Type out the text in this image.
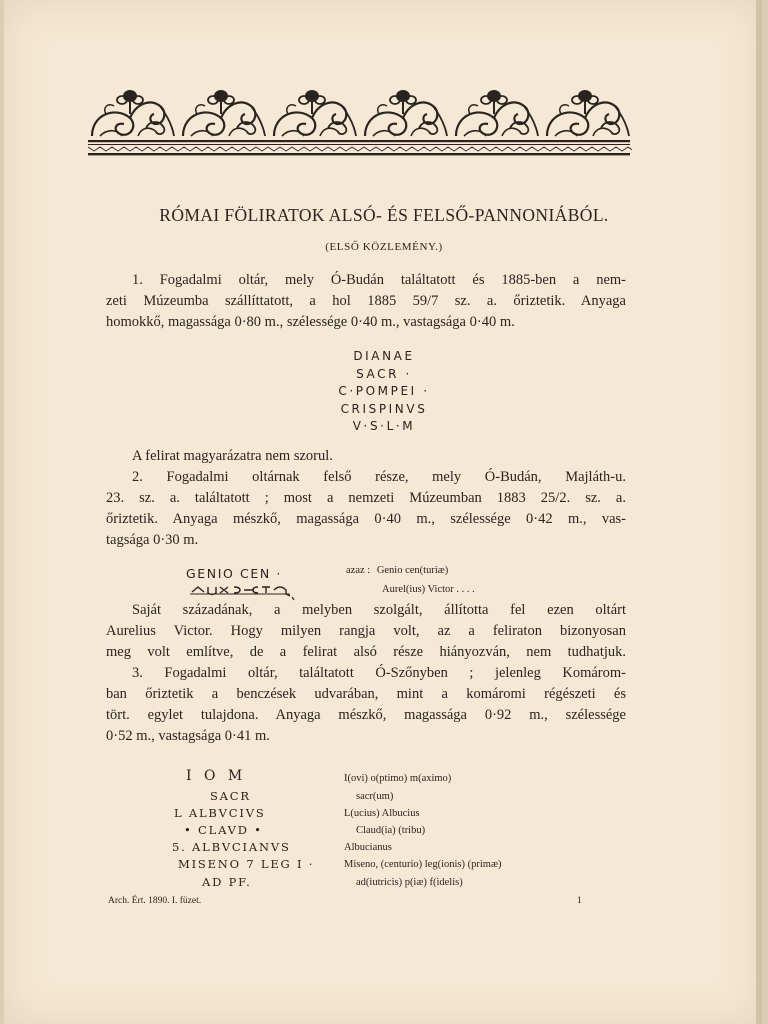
RÓMAI FÖLIRATOK ALSÓ- ÉS FELSŐ-PANNONIÁBÓL.
(ELSŐ KÖZLEMÉNY.)
1. Fogadalmi oltár, mely Ó-Budán találtatott és 1885-ben a nem-
zeti Múzeumba szállíttatott, a hol 1885 59/7 sz. a. őriztetik. Anyaga
homokkő, magassága 0·80 m., szélessége 0·40 m., vastagsága 0·40 m.
DIANAE
SACR ·
C·POMPEI ·
CRISPINVS
V·S·L·M
A felirat magyarázatra nem szorul.
2. Fogadalmi oltárnak felső része, mely Ó-Budán, Majláth-u.
23. sz. a. találtatott ; most a nemzeti Múzeumban 1883 25/2. sz. a.
őriztetik. Anyaga mészkő, magassága 0·40 m., szélessége 0·42 m., vas-
tagsága 0·30 m.
GENIO CEN ·	azaz : Genio cen(turiæ)
Aurel(ius) Victor . . . .
Saját századának, a melyben szolgált, állította fel ezen oltárt
Aurelius Victor. Hogy milyen rangja volt, az a feliraton bizonyosan
meg volt említve, de a felirat alsó része hiányozván, nem tudhatjuk.
3. Fogadalmi oltár, találtatott Ó-Szőnyben ; jelenleg Komárom-
ban őriztetik a benczések udvarában, mint a komáromi régészeti és
tört. egylet tulajdona. Anyaga mészkő, magassága 0·92 m., szélessége
0·52 m., vastagsága 0·41 m.
I O M
SACR
L ALBVCIVS
• CLAVD •
5. ALBVCIANVS
MISENO 7 LEG I ·
AD PF.
I(ovi) o(ptimo) m(aximo)
sacr(um)
L(ucius) Albucius
Claud(ia) (tribu)
Albucianus
Miseno, (centurio) leg(ionis) (primæ)
ad(iutricis) p(iæ) f(idelis)
Arch. Ért. 1890. I. füzet.	1
